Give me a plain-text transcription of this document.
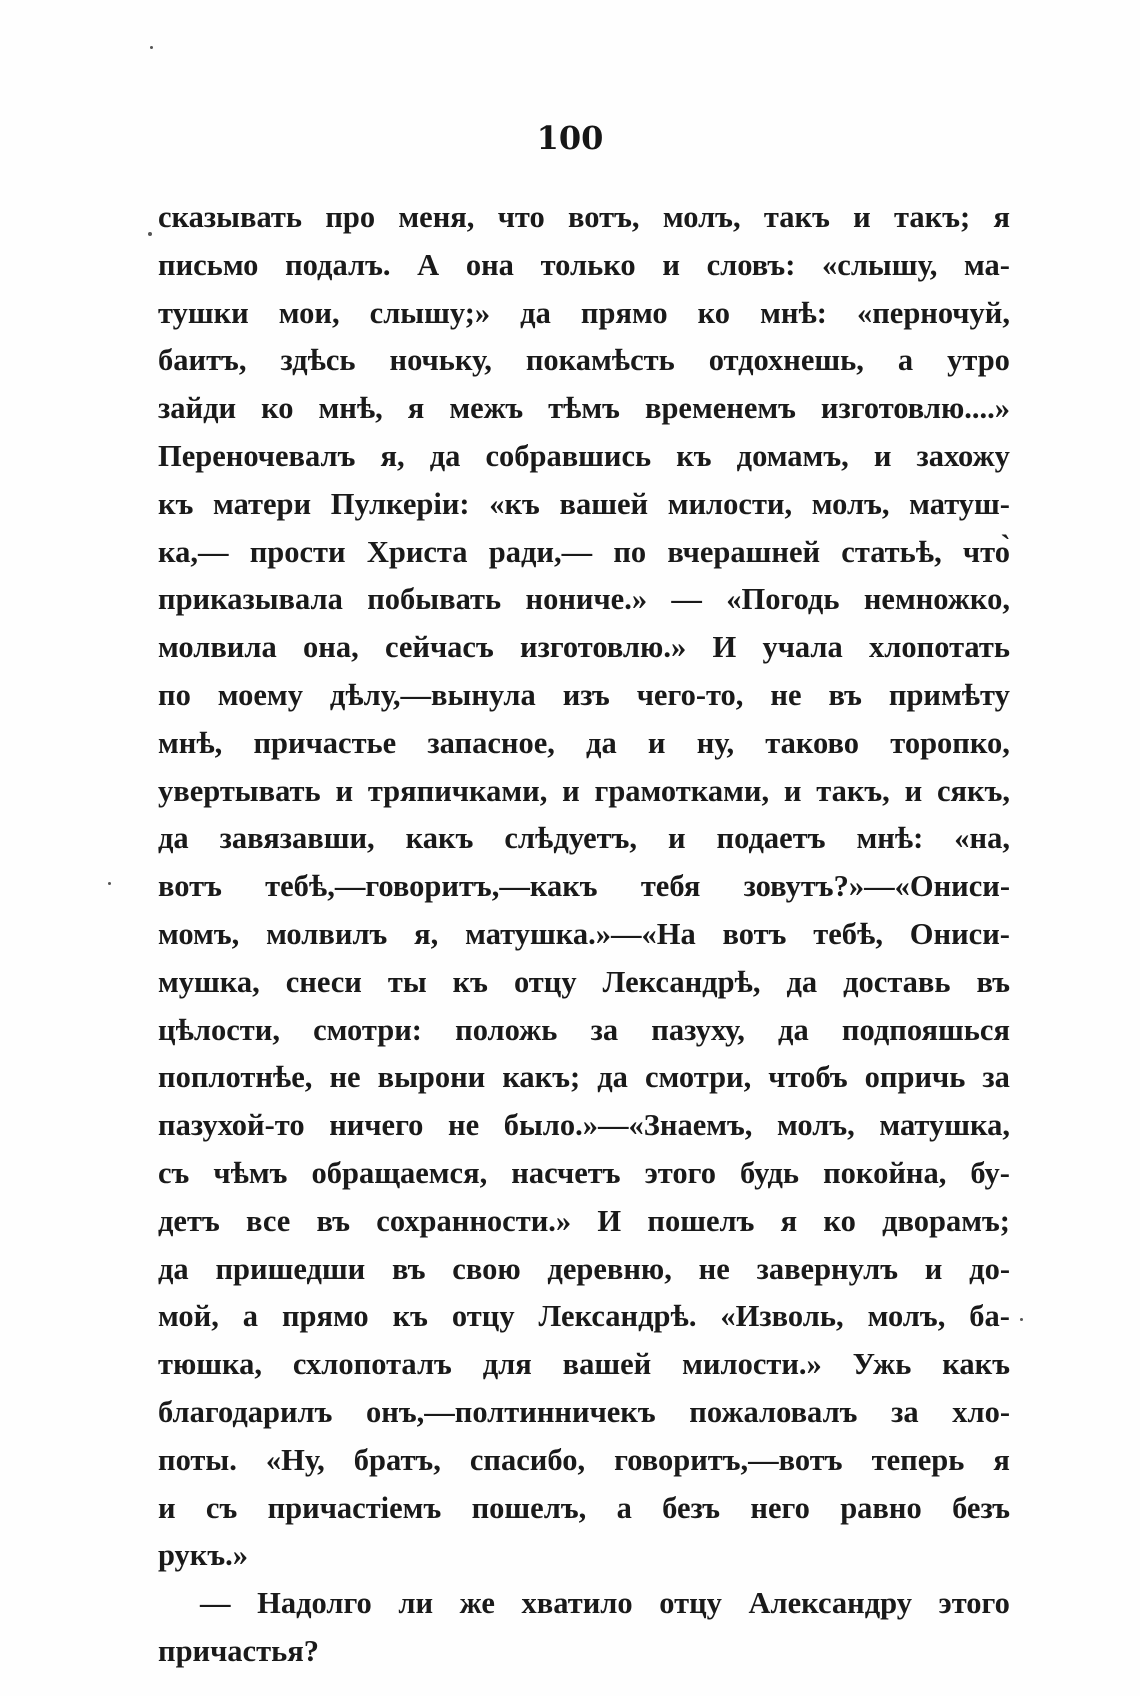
100
сказывать про меня, что вотъ, молъ, такъ и такъ; я
письмо подалъ. А она только и словъ: «слышу, ма-
тушки мои, слышу;» да прямо ко мнѣ: «перночуй,
баитъ, здѣсь ночьку, покамѣсть отдохнешь, а утро
зайди ко мнѣ, я межъ тѣмъ временемъ изготовлю....»
Переночевалъ я, да собравшись къ домамъ, и захожу
къ матери Пулкеріи: «къ вашей милости, молъ, матуш-
ка,— прости Христа ради,— по вчерашней статьѣ, что̀
приказывала побывать нониче.» — «Погодь немножко,
молвила она, сейчасъ изготовлю.» И учала хлопотать
по моему дѣлу,—вынула изъ чего-то, не въ примѣту
мнѣ, причастье запасное, да и ну, таково торопко,
увертывать и тряпичками, и грамотками, и такъ, и сякъ,
да завязавши, какъ слѣдуетъ, и подаетъ мнѣ: «на,
вотъ тебѣ,—говоритъ,—какъ тебя зовутъ?»—«Ониси-
момъ, молвилъ я, матушка.»—«На вотъ тебѣ, Ониси-
мушка, снеси ты къ отцу Лександрѣ, да доставь въ
цѣлости, смотри: положь за пазуху, да подпояшься
поплотнѣе, не вырони какъ; да смотри, чтобъ опричь за
пазухой-то ничего не было.»—«Знаемъ, молъ, матушка,
съ чѣмъ обращаемся, насчетъ этого будь покойна, бу-
детъ все въ сохранности.» И пошелъ я ко дворамъ;
да пришедши въ свою деревню, не завернулъ и до-
мой, а прямо къ отцу Лександрѣ. «Изволь, молъ, ба-
тюшка, схлопоталъ для вашей милости.» Ужь какъ
благодарилъ онъ,—полтинничекъ пожаловалъ за хло-
поты. «Ну, братъ, спасибо, говоритъ,—вотъ теперь я
и съ причастіемъ пошелъ, а безъ него равно безъ
рукъ.»
— Надолго ли же хватило отцу Александру этого
причастья?
